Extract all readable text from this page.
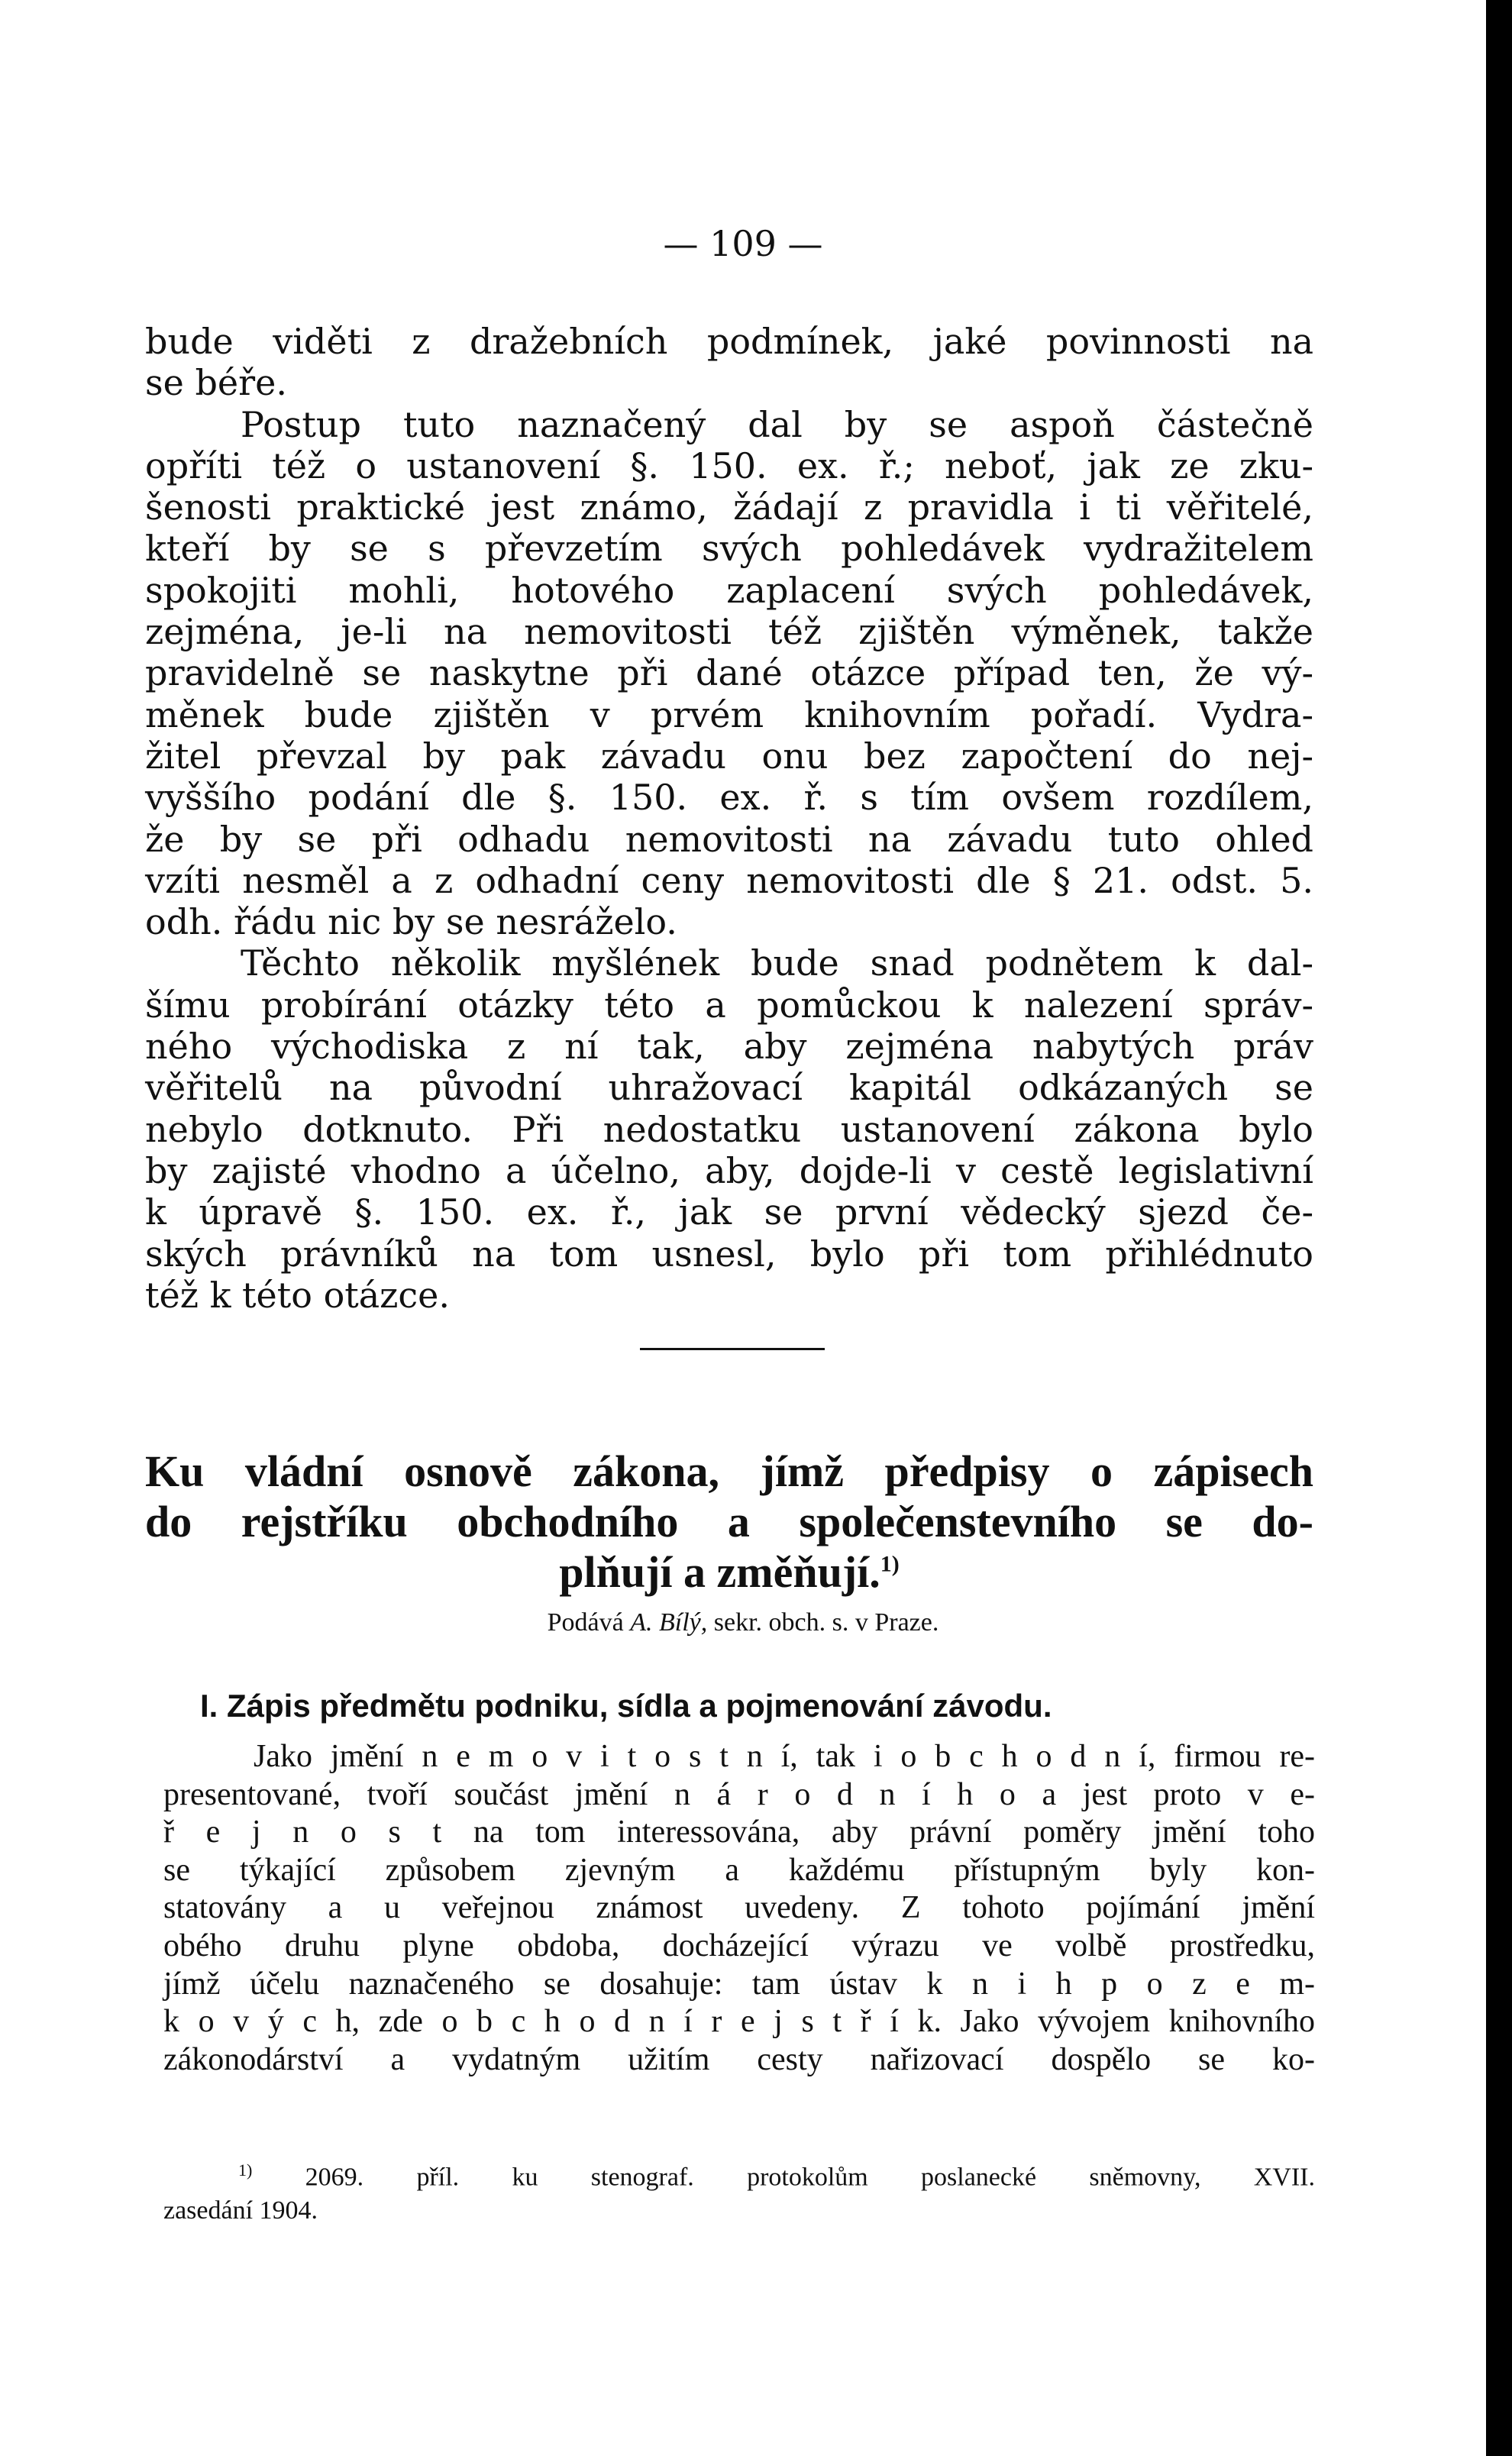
— 109 —

bude viděti z dražebních podmínek, jaké povinnosti na
se béře.

Postup tuto naznačený dal by se aspoň částečně
opříti též o ustanovení §. 150. ex. ř.; neboť, jak ze zku-
šenosti praktické jest známo, žádají z pravidla i ti věřitelé,
kteří by se s převzetím svých pohledávek vydražitelem
spokojiti mohli, hotového zaplacení svých pohledávek,
zejména, je-li na nemovitosti též zjištěn výměnek, takže
pravidelně se naskytne při dané otázce případ ten, že vý-
měnek bude zjištěn v prvém knihovním pořadí. Vydra-
žitel převzal by pak závadu onu bez započtení do nej-
vyššího podání dle §. 150. ex. ř. s tím ovšem rozdílem,
že by se při odhadu nemovitosti na závadu tuto ohled
vzíti nesměl a z odhadní ceny nemovitosti dle § 21. odst. 5.
odh. řádu nic by se nesráželo.

Těchto několik myšlének bude snad podnětem k dal-
šímu probírání otázky této a pomůckou k nalezení správ-
ného východiska z ní tak, aby zejména nabytých práv
věřitelů na původní uhražovací kapitál odkázaných se
nebylo dotknuto. Při nedostatku ustanovení zákona bylo
by zajisté vhodno a účelno, aby, dojde-li v cestě legislativní
k úpravě §. 150. ex. ř., jak se první vědecký sjezd če-
ských právníků na tom usnesl, bylo při tom přihlédnuto
též k této otázce.

Ku vládní osnově zákona, jímž předpisy o zápisech
do rejstříku obchodního a společenstevního se do-
plňují a změňují.$^{1)}$

Podává A. Bílý, sekr. obch. s. v Praze.

I. Zápis předmětu podniku, sídla a pojmenování závodu.

Jako jmění n e m o v i t o s t n í, tak i o b c h o d n í, firmou re-
presentované, tvoří součást jmění n á r o d n í h o a jest proto v e-
ř e j n o s t na tom interessována, aby právní poměry jmění toho
se týkající způsobem zjevným a každému přístupným byly kon-
statovány a u veřejnou známost uvedeny. Z tohoto pojímání jmění
obého druhu plyne obdoba, docházející výrazu ve volbě prostředku,
jímž účelu naznačeného se dosahuje: tam ústav k n i h p o z e m-
k o v ý c h, zde o b c h o d n í r e j s t ř í k. Jako vývojem knihovního
zákonodárství a vydatným užitím cesty nařizovací dospělo se ko-

$^{1)}$ 2069. příl. ku stenograf. protokolům poslanecké sněmovny, XVII.
zasedání 1904.
